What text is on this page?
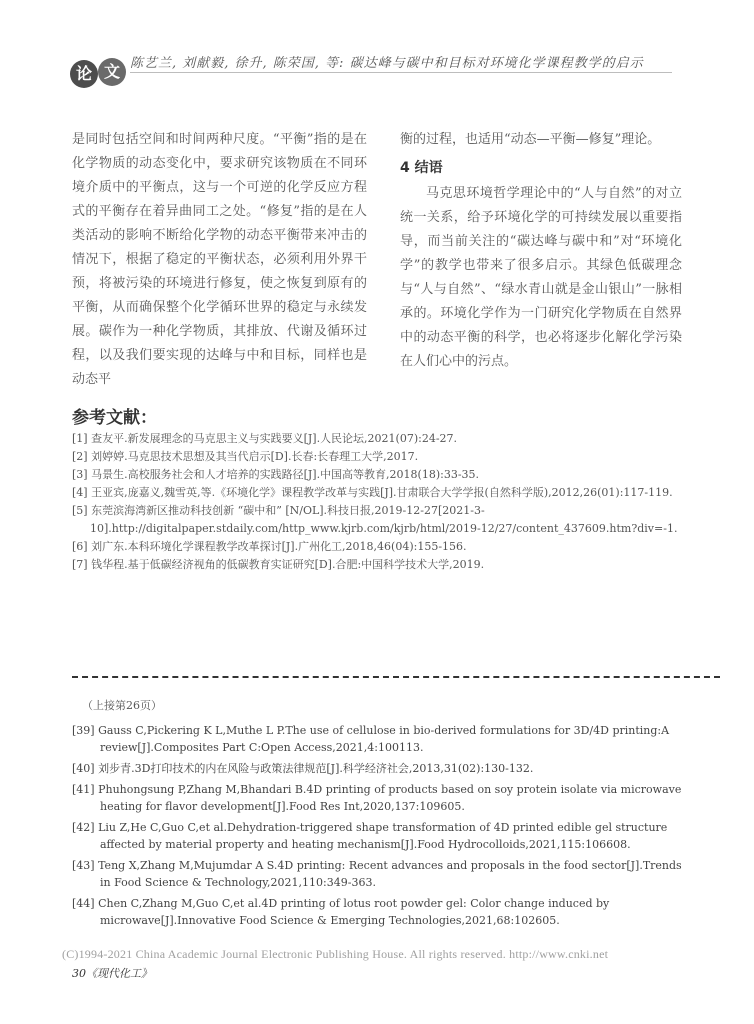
论 文 陈艺兰, 刘献毅, 徐升, 陈荣国, 等: 碳达峰与碳中和目标对环境化学课程教学的启示

是同时包括空间和时间两种尺度。“平衡”指的是在化学物质的动态变化中，要求研究该物质在不同环境介质中的平衡点，这与一个可逆的化学反应方程式的平衡存在着异曲同工之处。“修复”指的是在人类活动的影响不断给化学物的动态平衡带来冲击的情况下，根据了稳定的平衡状态，必须利用外界干预，将被污染的环境进行修复，使之恢复到原有的平衡，从而确保整个化学循环世界的稳定与永续发展。碳作为一种化学物质，其排放、代谢及循环过程，以及我们要实现的达峰与中和目标，同样也是动态平

衡的过程，也适用“动态—平衡—修复”理论。

4 结语

马克思环境哲学理论中的“人与自然”的对立统一关系，给予环境化学的可持续发展以重要指导，而当前关注的“碳达峰与碳中和”对“环境化学”的教学也带来了很多启示。其绿色低碳理念与“人与自然”、“绿水青山就是金山银山”一脉相承的。环境化学作为一门研究化学物质在自然界中的动态平衡的科学，也必将逐步化解化学污染在人们心中的污点。

参考文献：
[1] 查友平.新发展理念的马克思主义与实践要义[J].人民论坛,2021(07):24-27.
[2] 刘婷婷.马克思技术思想及其当代启示[D].长春:长春理工大学,2017.
[3] 马景生.高校服务社会和人才培养的实践路径[J].中国高等教育,2018(18):33-35.
[4] 王亚宾,庞嘉义,魏雪英,等.《环境化学》课程教学改革与实践[J].甘肃联合大学学报(自然科学版),2012,26(01):117-119.
[5] 东莞滨海湾新区推动科技创新 “碳中和” [N/OL].科技日报,2019-12-27[2021-3-10].http://digitalpaper.stdaily.com/http_www.kjrb.com/kjrb/html/2019-12/27/content_437609.htm?div=-1.
[6] 刘广东.本科环境化学课程教学改革探讨[J].广州化工,2018,46(04):155-156.
[7] 钱华程.基于低碳经济视角的低碳教育实证研究[D].合肥:中国科学技术大学,2019.
（上接第26页）
[39] Gauss C,Pickering K L,Muthe L P.The use of cellulose in bio-derived formulations for 3D/4D printing:A review[J].Composites Part C:Open Access,2021,4:100113.
[40] 刘步青.3D打印技术的内在风险与政策法律规范[J].科学经济社会,2013,31(02):130-132.
[41] Phuhongsung P,Zhang M,Bhandari B.4D printing of products based on soy protein isolate via microwave heating for flavor development[J].Food Res Int,2020,137:109605.
[42] Liu Z,He C,Guo C,et al.Dehydration-triggered shape transformation of 4D printed edible gel structure affected by material property and heating mechanism[J].Food Hydrocolloids,2021,115:106608.
[43] Teng X,Zhang M,Mujumdar A S.4D printing: Recent advances and proposals in the food sector[J].Trends in Food Science & Technology,2021,110:349-363.
[44] Chen C,Zhang M,Guo C,et al.4D printing of lotus root powder gel: Color change induced by microwave[J].Innovative Food Science & Emerging Technologies,2021,68:102605.
(C)1994-2021 China Academic Journal Electronic Publishing House. All rights reserved. http://www.cnki.net
30《现代化工》
